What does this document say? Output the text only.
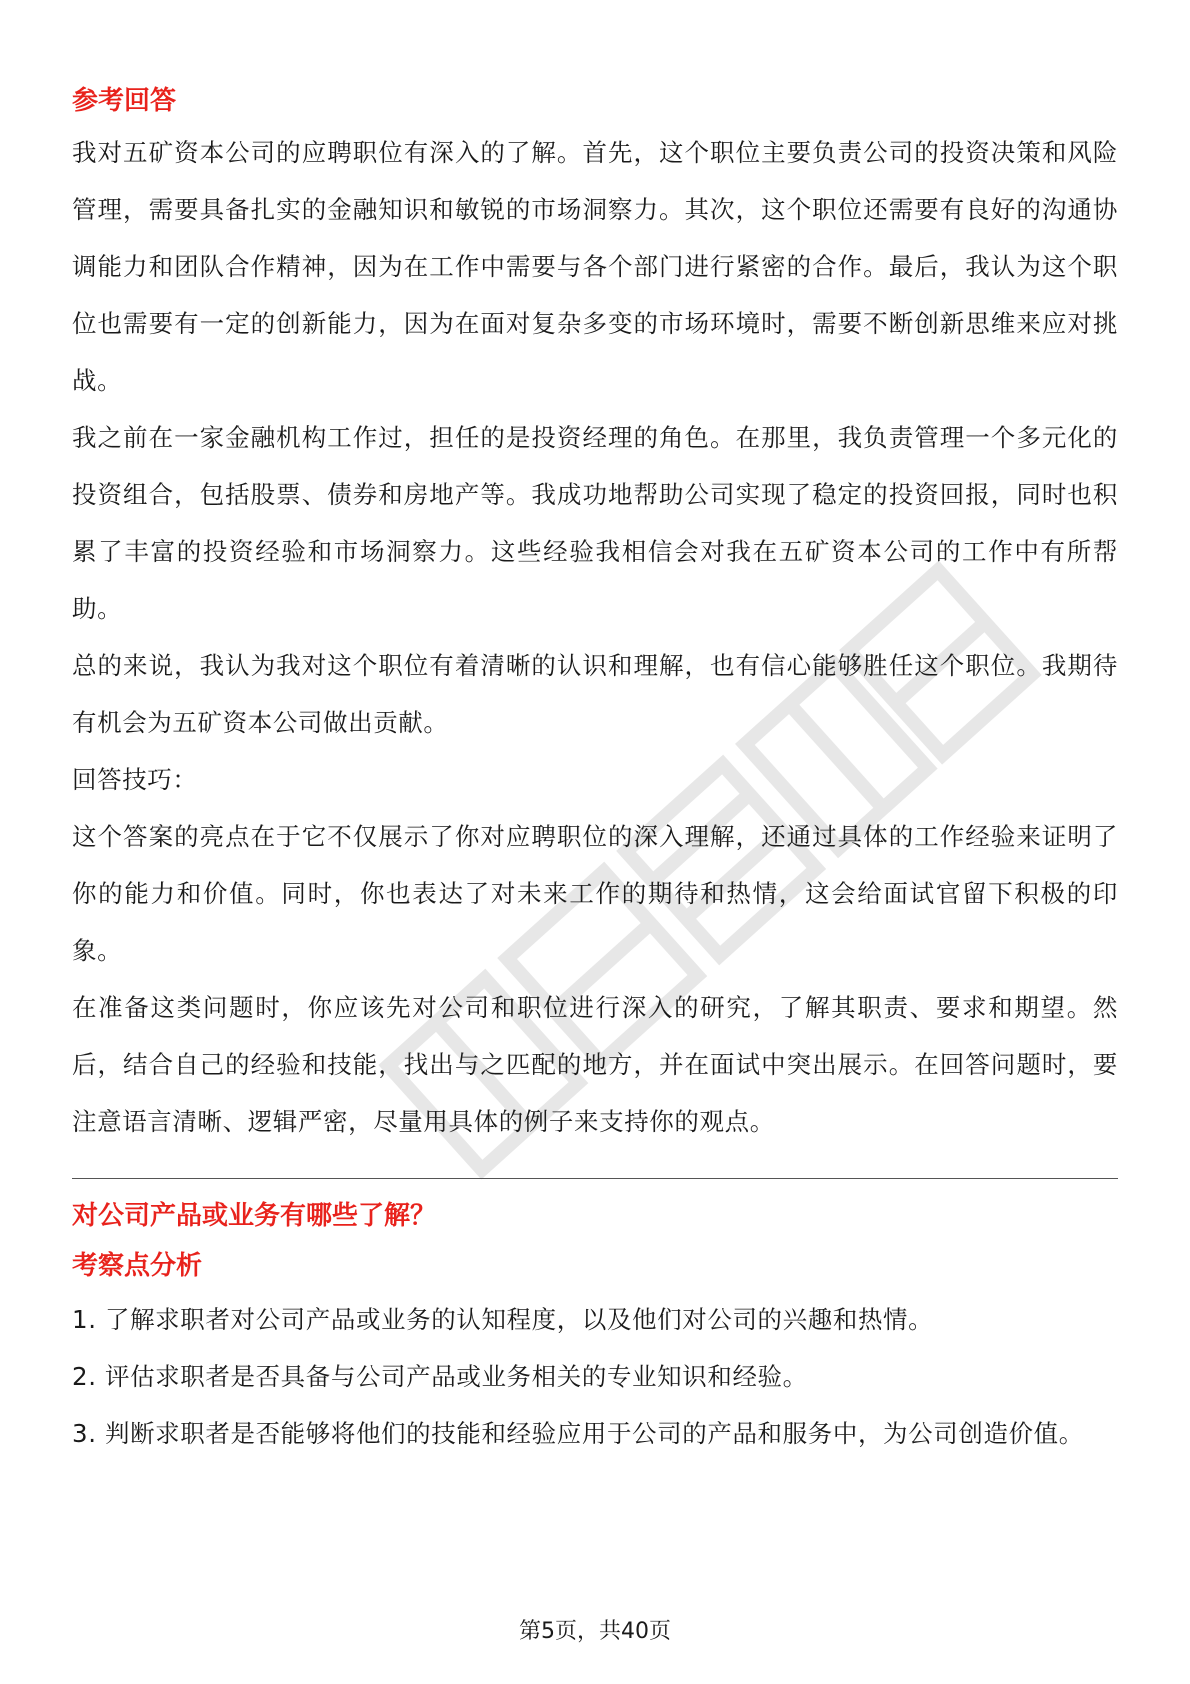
参考回答

我对五矿资本公司的应聘职位有深入的了解。首先，这个职位主要负责公司的投资决策和风险管理，需要具备扎实的金融知识和敏锐的市场洞察力。其次，这个职位还需要有良好的沟通协调能力和团队合作精神，因为在工作中需要与各个部门进行紧密的合作。最后，我认为这个职位也需要有一定的创新能力，因为在面对复杂多变的市场环境时，需要不断创新思维来应对挑战。

我之前在一家金融机构工作过，担任的是投资经理的角色。在那里，我负责管理一个多元化的投资组合，包括股票、债券和房地产等。我成功地帮助公司实现了稳定的投资回报，同时也积累了丰富的投资经验和市场洞察力。这些经验我相信会对我在五矿资本公司的工作中有所帮助。

总的来说，我认为我对这个职位有着清晰的认识和理解，也有信心能够胜任这个职位。我期待有机会为五矿资本公司做出贡献。

回答技巧：

这个答案的亮点在于它不仅展示了你对应聘职位的深入理解，还通过具体的工作经验来证明了你的能力和价值。同时，你也表达了对未来工作的期待和热情，这会给面试官留下积极的印象。

在准备这类问题时，你应该先对公司和职位进行深入的研究，了解其职责、要求和期望。然后，结合自己的经验和技能，找出与之匹配的地方，并在面试中突出展示。在回答问题时，要注意语言清晰、逻辑严密，尽量用具体的例子来支持你的观点。

对公司产品或业务有哪些了解？

考察点分析

1. 了解求职者对公司产品或业务的认知程度，以及他们对公司的兴趣和热情。

2. 评估求职者是否具备与公司产品或业务相关的专业知识和经验。

3. 判断求职者是否能够将他们的技能和经验应用于公司的产品和服务中，为公司创造价值。

第5页，共40页
